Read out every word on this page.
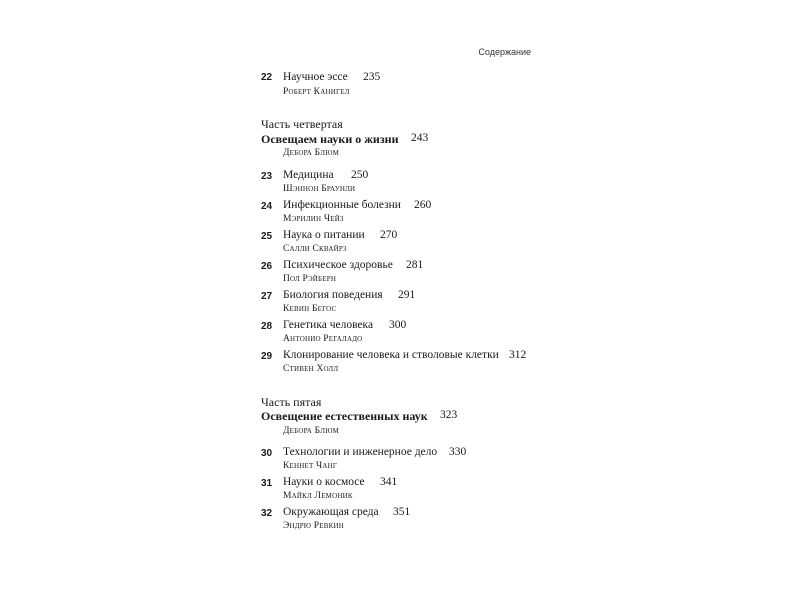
Содержание
22 Научное эссе 235
Роберт Канигел
Часть четвертая
Освещаем науки о жизни 243
Дебора Блюм
23 Медицина 250
Шэннон Браунли
24 Инфекционные болезни 260
Мэрилин Чейз
25 Наука о питании 270
Салли Сквайрз
26 Психическое здоровье 281
Пол Рэйберн
27 Биология поведения 291
Кевин Бегос
28 Генетика человека 300
Антонио Регаладо
29 Клонирование человека и стволовые клетки 312
Стивен Холл
Часть пятая
Освещение естественных наук 323
Дебора Блюм
30 Технологии и инженерное дело 330
Кеннет Чанг
31 Науки о космосе 341
Майкл Лемоник
32 Окружающая среда 351
Эндрю Ревкин
